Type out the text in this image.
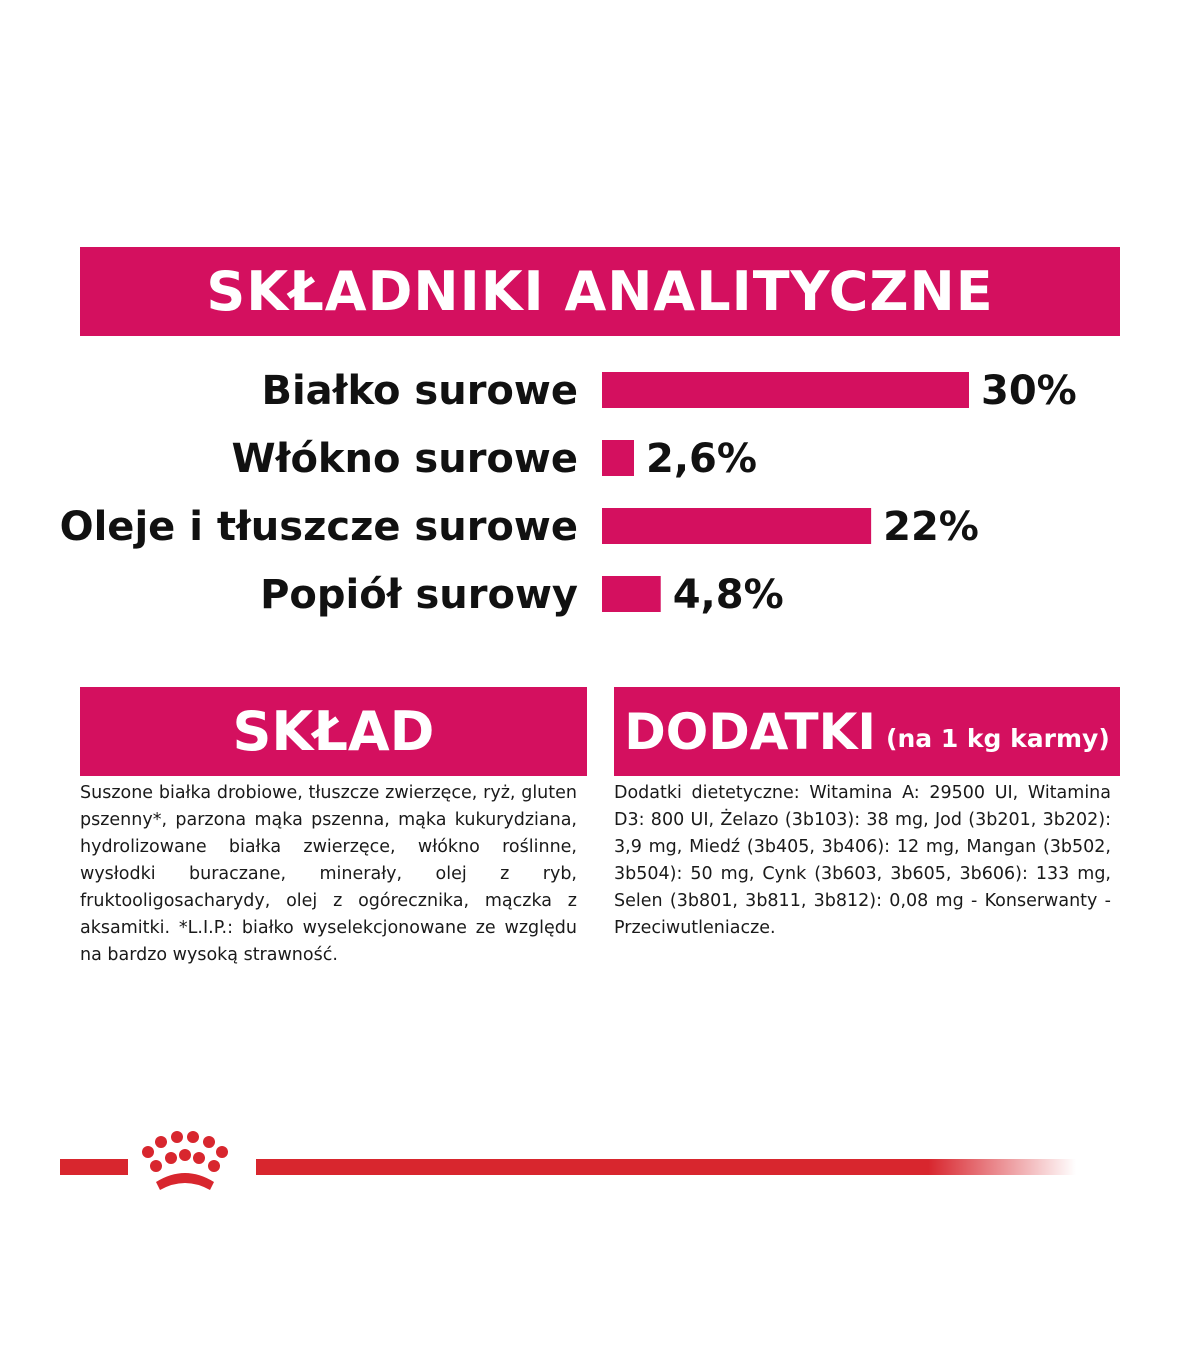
SKŁADNIKI ANALITYCZNE
Białko surowe	30%
Włókno surowe 2,6%
Oleje i tłuszcze surowe	22%
Popiół surowy 4,8%
SKŁAD	DODATKI (na 1 kg karmy)
Suszone białka drobiowe, tłuszcze zwierzęce, ryż, gluten pszenny*, parzona mąka pszenna, mąka kukurydziana, hydrolizowane białka zwierzęce, włókno roślinne, wysłodki buraczane, minerały, olej z ryb, fruktooligosacharydy, olej z ogórecznika, mączka z aksamitki. *L.I.P.: białko wyselekcjonowane ze względu na bardzo wysoką strawność.
Dodatki dietetyczne: Witamina A: 29500 UI, Witamina D3: 800 UI, Żelazo (3b103): 38 mg, Jod (3b201, 3b202): 3,9 mg, Miedź (3b405, 3b406): 12 mg, Mangan (3b502, 3b504): 50 mg, Cynk (3b603, 3b605, 3b606): 133 mg, Selen (3b801, 3b811, 3b812): 0,08 mg - Konserwanty - Przeciwutleniacze.
